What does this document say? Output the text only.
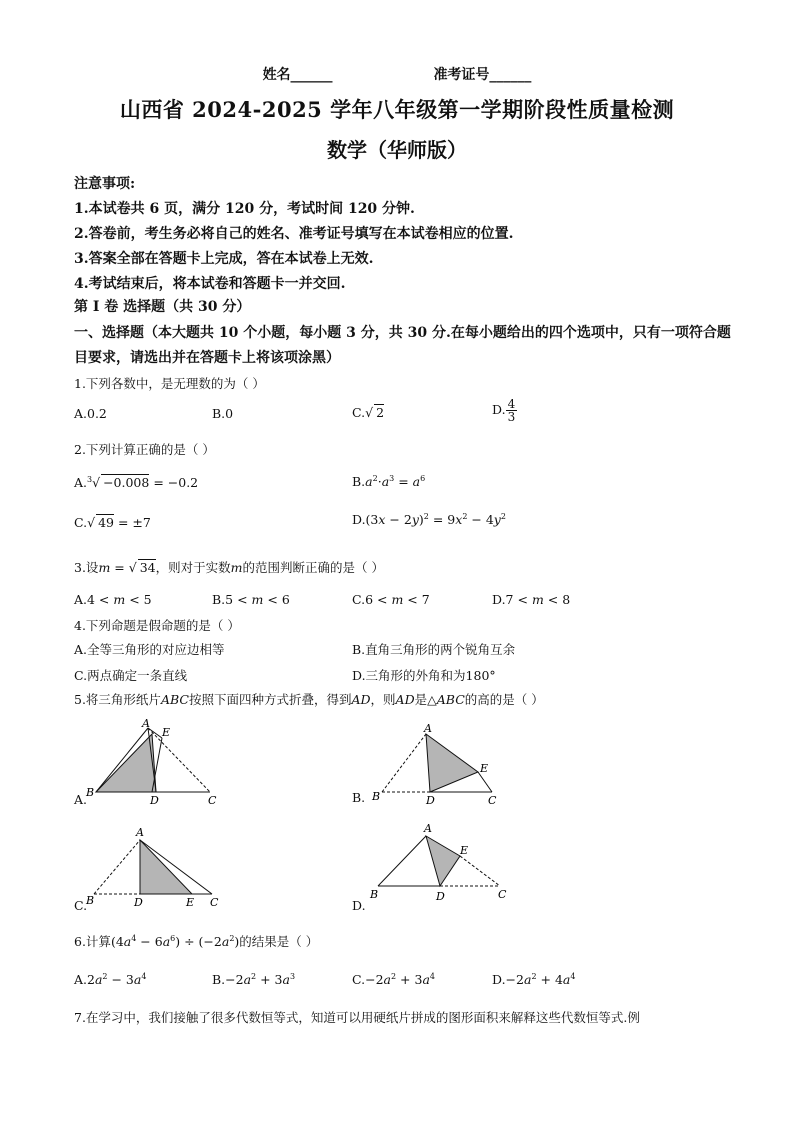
姓名______	准考证号______
山西省 2024-2025 学年八年级第一学期阶段性质量检测
数学（华师版）
注意事项:
1.本试卷共 6 页，满分 120 分，考试时间 120 分钟.
2.答卷前，考生务必将自己的姓名、准考证号填写在本试卷相应的位置.
3.答案全部在答题卡上完成，答在本试卷上无效.
4.考试结束后，将本试卷和答题卡一并交回.
第 I 卷 选择题（共 30 分）
一、选择题（本大题共 10 个小题，每小题 3 分，共 30 分.在每小题给出的四个选项中，只有一项符合题目要求，请选出并在答题卡上将该项涂黑）
1.下列各数中，是无理数的为（ ）
A.0.2	B.0	C.√ 2	D. $\frac{4}{3}$
2.下列计算正确的是（ ）
A.$^3$√ −0.008 = −0.2	$B.a^2\cdot a^3 = a^6$
C.√ 49 = ±7	$D.(3x - 2y)^2 = 9x^2 - 4y^2$
3.设m = √ 34，则对于实数m的范围判断正确的是（ ）
A.4 < m < 5	B.5 < m < 6	C.6 < m < 7	D.7 < m < 8
4.下列命题是假命题的是（ ）
A.全等三角形的对应边相等	B.直角三角形的两个锐角互余
C.两点确定一条直线	D.三角形的外角和为180°
5.将三角形纸片ABC按照下面四种方式折叠，得到AD，则AD是△ABC的高的是（ ）
B
A
E
D	C
A.	B
A
E
D	C
B.
B
A
D	E C
C.
B
A
E
D	C
D.
6.计算$(4a^4 - 6a^6) \div (-2a^2)$的结果是（ ）
$A.2a^2 - 3a^4$	$B.-2a^2 + 3a^3$	$C.-2a^2 + 3a^4$	$D.-2a^2 + 4a^4$
7.在学习中，我们接触了很多代数恒等式，知道可以用硬纸片拼成的图形面积来解释这些代数恒等式.例
